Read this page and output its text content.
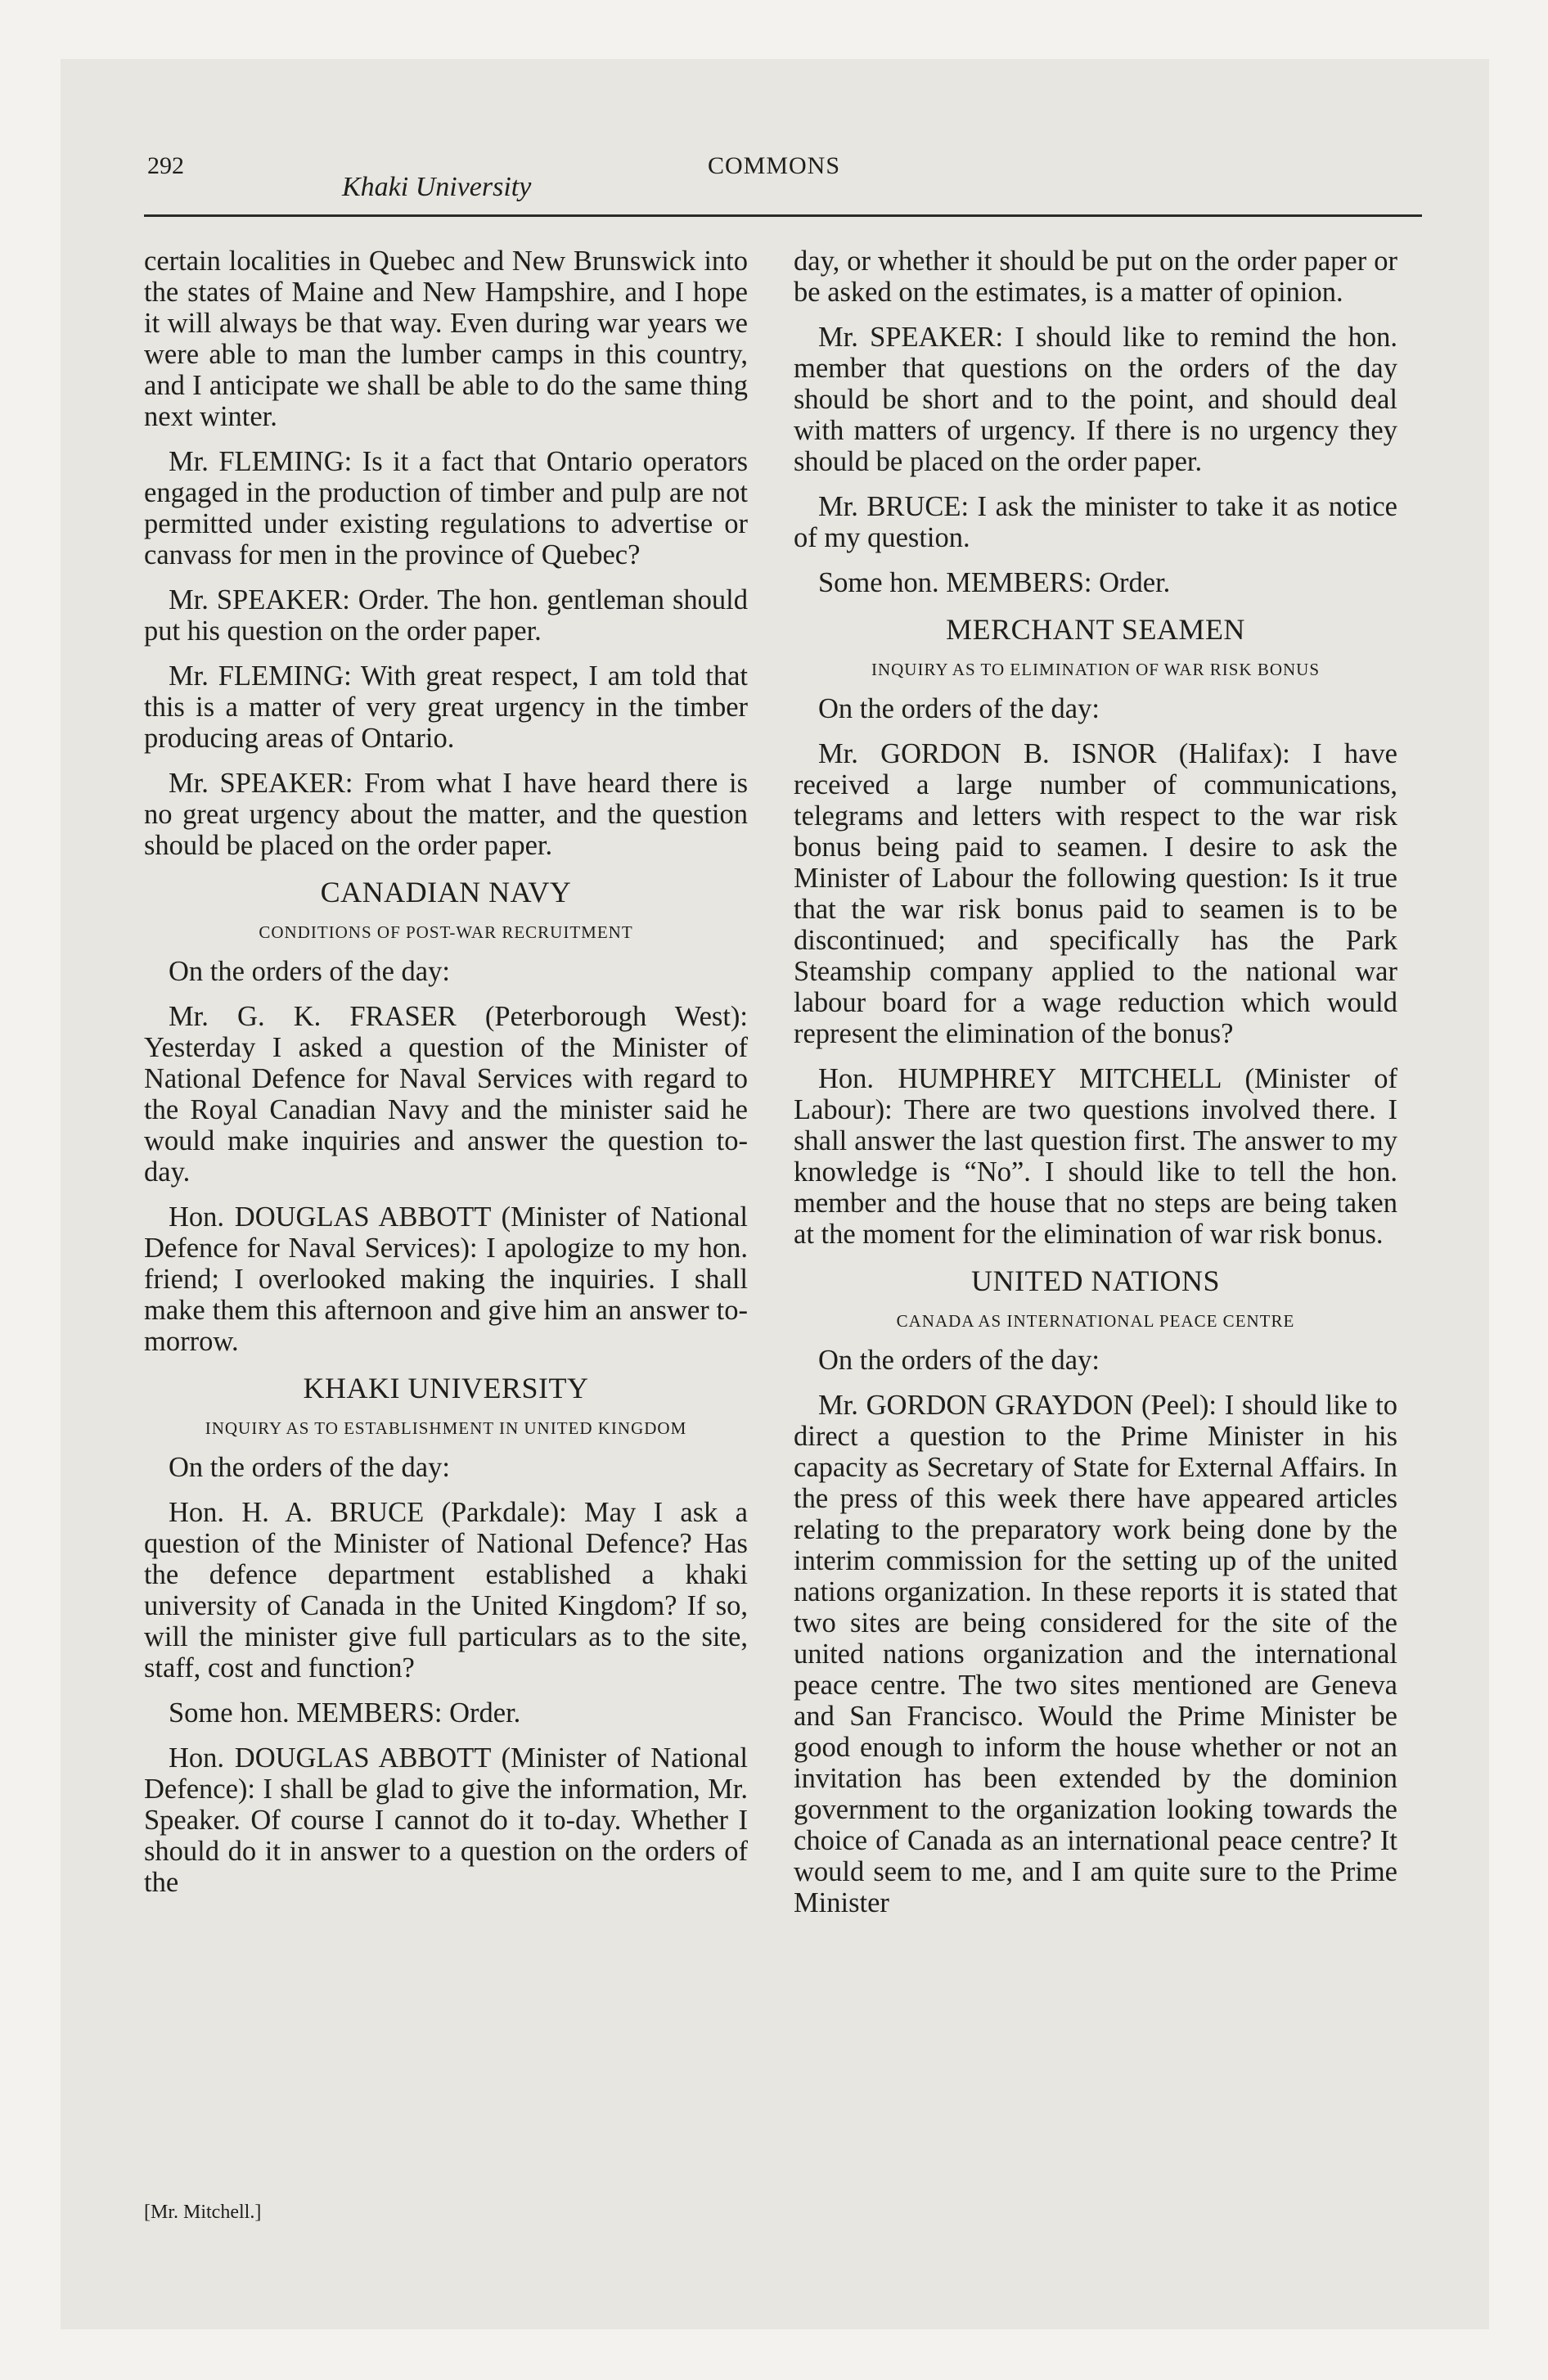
292	COMMONS
Khaki University

certain localities in Quebec and New Brunswick into the states of Maine and New Hampshire, and I hope it will always be that way. Even during war years we were able to man the lumber camps in this country, and I anticipate we shall be able to do the same thing next winter.

Mr. FLEMING: Is it a fact that Ontario operators engaged in the production of timber and pulp are not permitted under existing regulations to advertise or canvass for men in the province of Quebec?

Mr. SPEAKER: Order. The hon. gentleman should put his question on the order paper.

Mr. FLEMING: With great respect, I am told that this is a matter of very great urgency in the timber producing areas of Ontario.

Mr. SPEAKER: From what I have heard there is no great urgency about the matter, and the question should be placed on the order paper.

CANADIAN NAVY
CONDITIONS OF POST-WAR RECRUITMENT

On the orders of the day:

Mr. G. K. FRASER (Peterborough West): Yesterday I asked a question of the Minister of National Defence for Naval Services with regard to the Royal Canadian Navy and the minister said he would make inquiries and answer the question to-day.

Hon. DOUGLAS ABBOTT (Minister of National Defence for Naval Services): I apologize to my hon. friend; I overlooked making the inquiries. I shall make them this afternoon and give him an answer to-morrow.

KHAKI UNIVERSITY
INQUIRY AS TO ESTABLISHMENT IN UNITED KINGDOM

On the orders of the day:

Hon. H. A. BRUCE (Parkdale): May I ask a question of the Minister of National Defence? Has the defence department established a khaki university of Canada in the United Kingdom? If so, will the minister give full particulars as to the site, staff, cost and function?

Some hon. MEMBERS: Order.

Hon. DOUGLAS ABBOTT (Minister of National Defence): I shall be glad to give the information, Mr. Speaker. Of course I cannot do it to-day. Whether I should do it in answer to a question on the orders of the

day, or whether it should be put on the order paper or be asked on the estimates, is a matter of opinion.

Mr. SPEAKER: I should like to remind the hon. member that questions on the orders of the day should be short and to the point, and should deal with matters of urgency. If there is no urgency they should be placed on the order paper.

Mr. BRUCE: I ask the minister to take it as notice of my question.

Some hon. MEMBERS: Order.

MERCHANT SEAMEN
INQUIRY AS TO ELIMINATION OF WAR RISK BONUS

On the orders of the day:

Mr. GORDON B. ISNOR (Halifax): I have received a large number of communications, telegrams and letters with respect to the war risk bonus being paid to seamen. I desire to ask the Minister of Labour the following question: Is it true that the war risk bonus paid to seamen is to be discontinued; and specifically has the Park Steamship company applied to the national war labour board for a wage reduction which would represent the elimination of the bonus?

Hon. HUMPHREY MITCHELL (Minister of Labour): There are two questions involved there. I shall answer the last question first. The answer to my knowledge is “No”. I should like to tell the hon. member and the house that no steps are being taken at the moment for the elimination of war risk bonus.

UNITED NATIONS
CANADA AS INTERNATIONAL PEACE CENTRE

On the orders of the day:

Mr. GORDON GRAYDON (Peel): I should like to direct a question to the Prime Minister in his capacity as Secretary of State for External Affairs. In the press of this week there have appeared articles relating to the preparatory work being done by the interim commission for the setting up of the united nations organization. In these reports it is stated that two sites are being considered for the site of the united nations organization and the international peace centre. The two sites mentioned are Geneva and San Francisco. Would the Prime Minister be good enough to inform the house whether or not an invitation has been extended by the dominion government to the organization looking towards the choice of Canada as an international peace centre? It would seem to me, and I am quite sure to the Prime Minister

[Mr. Mitchell.]
